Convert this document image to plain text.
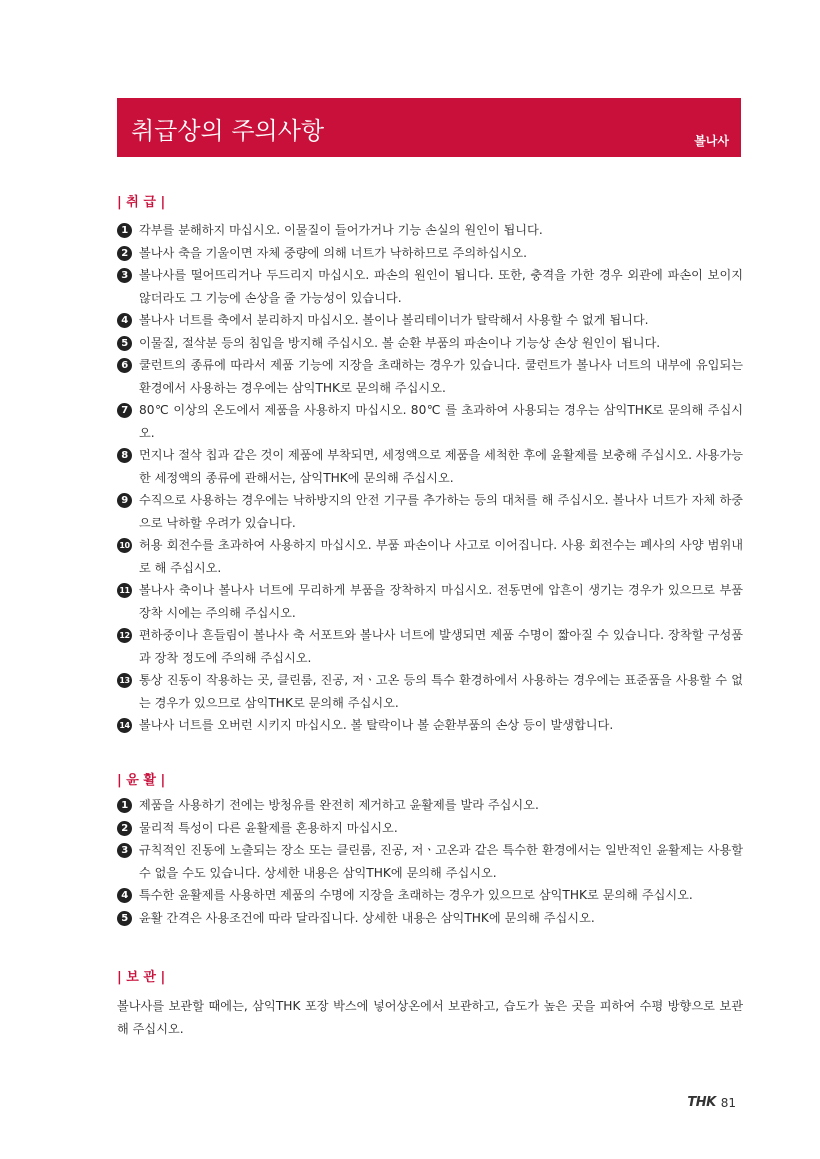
취급상의 주의사항	볼나사
| 취 급 |
1 각부를 분해하지 마십시오. 이물질이 들어가거나 기능 손실의 원인이 됩니다.
2 볼나사 축을 기울이면 자체 중량에 의해 너트가 낙하하므로 주의하십시오.
3 볼나사를 떨어뜨리거나 두드리지 마십시오. 파손의 원인이 됩니다. 또한, 충격을 가한 경우 외관에 파손이 보이지 않더라도 그 기능에 손상을 줄 가능성이 있습니다.
4 볼나사 너트를 축에서 분리하지 마십시오. 볼이나 볼리테이너가 탈락해서 사용할 수 없게 됩니다.
5 이물질, 절삭분 등의 침입을 방지해 주십시오. 볼 순환 부품의 파손이나 기능상 손상 원인이 됩니다.
6 쿨런트의 종류에 따라서 제품 기능에 지장을 초래하는 경우가 있습니다. 쿨런트가 볼나사 너트의 내부에 유입되는 환경에서 사용하는 경우에는 삼익THK로 문의해 주십시오.
7 80℃ 이상의 온도에서 제품을 사용하지 마십시오. 80℃ 를 초과하여 사용되는 경우는 삼익THK로 문의해 주십시오.
8 먼지나 절삭 칩과 같은 것이 제품에 부착되면, 세정액으로 제품을 세척한 후에 윤활제를 보충해 주십시오. 사용가능한 세정액의 종류에 관해서는, 삼익THK에 문의해 주십시오.
9 수직으로 사용하는 경우에는 낙하방지의 안전 기구를 추가하는 등의 대처를 해 주십시오. 볼나사 너트가 자체 하중으로 낙하할 우려가 있습니다.
10 허용 회전수를 초과하여 사용하지 마십시오. 부품 파손이나 사고로 이어집니다. 사용 회전수는 폐사의 사양 범위내로 해 주십시오.
11 볼나사 축이나 볼나사 너트에 무리하게 부품을 장착하지 마십시오. 전동면에 압흔이 생기는 경우가 있으므로 부품 장착 시에는 주의해 주십시오.
12 편하중이나 흔들림이 볼나사 축 서포트와 볼나사 너트에 발생되면 제품 수명이 짧아질 수 있습니다. 장착할 구성품과 장착 정도에 주의해 주십시오.
13 통상 진동이 작용하는 곳, 클린룸, 진공, 저ㆍ고온 등의 특수 환경하에서 사용하는 경우에는 표준품을 사용할 수 없는 경우가 있으므로 삼익THK로 문의해 주십시오.
14 볼나사 너트를 오버런 시키지 마십시오. 볼 탈락이나 볼 순환부품의 손상 등이 발생합니다.
| 윤 활 |
1 제품을 사용하기 전에는 방청유를 완전히 제거하고 윤활제를 발라 주십시오.
2 물리적 특성이 다른 윤활제를 혼용하지 마십시오.
3 규칙적인 진동에 노출되는 장소 또는 클린룸, 진공, 저ㆍ고온과 같은 특수한 환경에서는 일반적인 윤활제는 사용할 수 없을 수도 있습니다. 상세한 내용은 삼익THK에 문의해 주십시오.
4 특수한 윤활제를 사용하면 제품의 수명에 지장을 초래하는 경우가 있으므로 삼익THK로 문의해 주십시오.
5 윤활 간격은 사용조건에 따라 달라집니다. 상세한 내용은 삼익THK에 문의해 주십시오.
| 보 관 |

볼나사를 보관할 때에는, 삼익THK 포장 박스에 넣어상온에서 보관하고, 습도가 높은 곳을 피하여 수평 방향으로 보관해 주십시오.

THK 81
